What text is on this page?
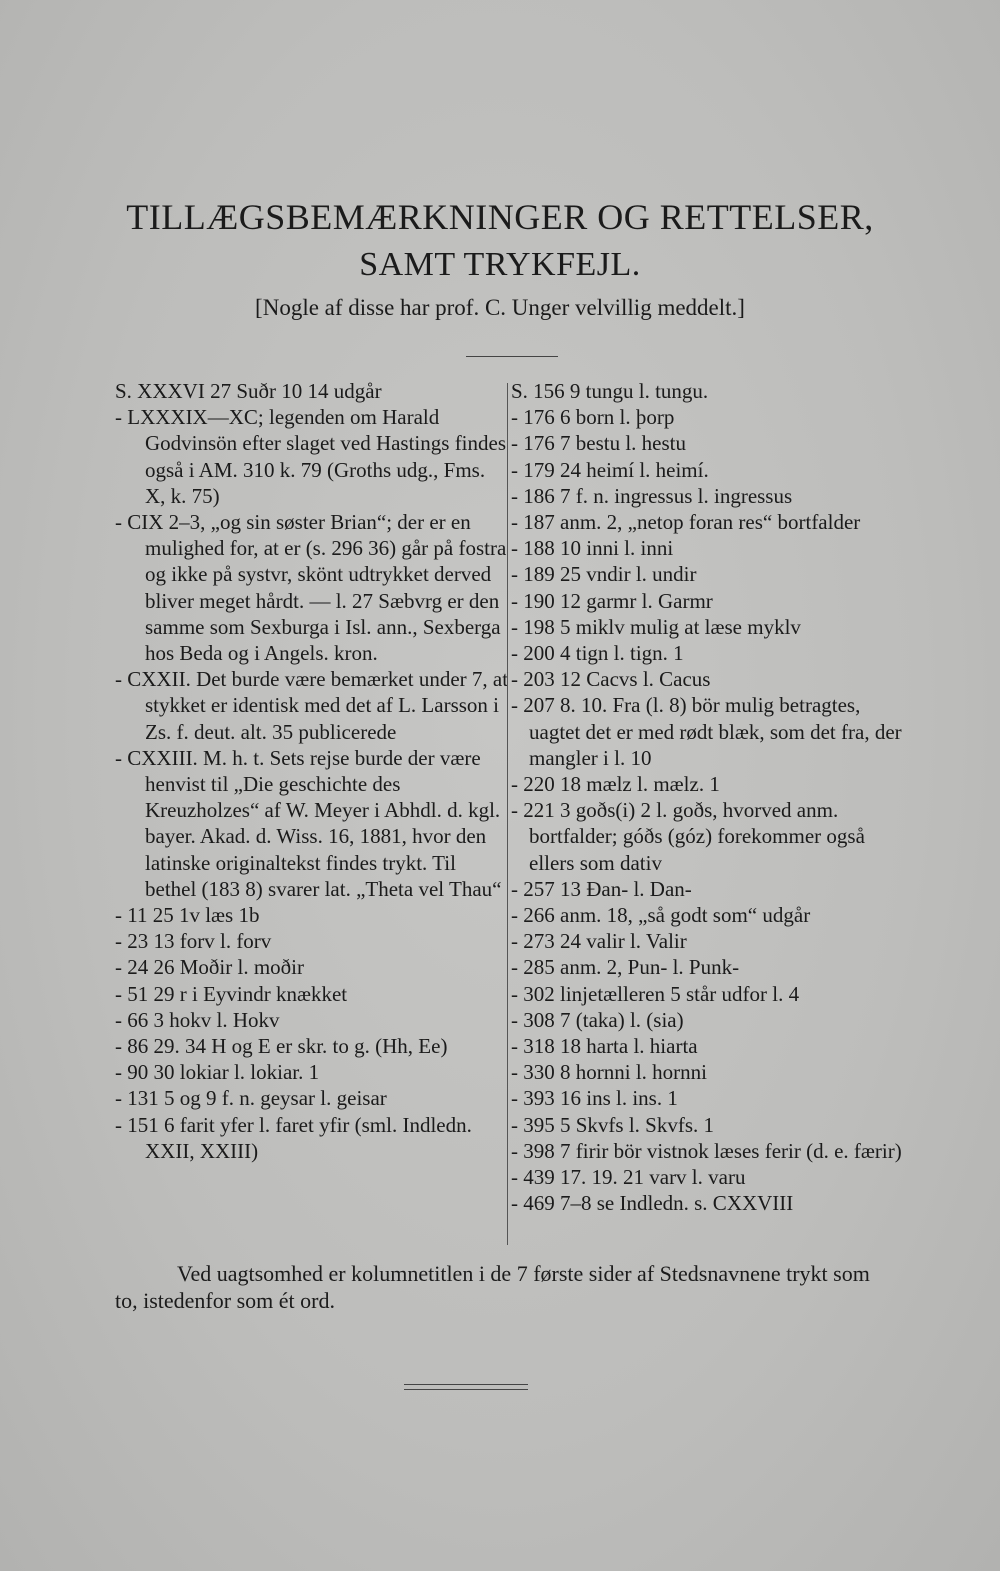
TILLÆGSBEMÆRKNINGER OG RETTELSER,
SAMT TRYKFEJL.
[Nogle af disse har prof. C. Unger velvillig meddelt.]
S. XXXVI 27 Suðr 10 14 udgår
- LXXXIX—XC; legenden om Harald Godvinsön efter slaget ved Hastings findes også i AM. 310 k. 79 (Groths udg., Fms. X, k. 75)
- CIX 2–3, „og sin søster Brian“; der er en mulighed for, at er (s. 296 36) går på fostra og ikke på systvr, skönt udtrykket derved bliver meget hårdt. — l. 27 Sæbvrg er den samme som Sexburga i Isl. ann., Sexberga hos Beda og i Angels. kron.
- CXXII. Det burde være bemærket under 7, at stykket er identisk med det af L. Larsson i Zs. f. deut. alt. 35 publicerede
- CXXIII. M. h. t. Sets rejse burde der være henvist til „Die geschichte des Kreuzholzes“ af W. Meyer i Abhdl. d. kgl. bayer. Akad. d. Wiss. 16, 1881, hvor den latinske originaltekst findes trykt. Til bethel (183 8) svarer lat. „Theta vel Thau“
- 11 25 1v læs 1b
- 23 13 forv l. forv
- 24 26 Moðir l. moðir
- 51 29 r i Eyvindr knækket
- 66 3 hokv l. Hokv
- 86 29. 34 H og E er skr. to g. (Hh, Ee)
- 90 30 lokiar l. lokiar. 1
- 131 5 og 9 f. n. geysar l. geisar
- 151 6 farit yfer l. faret yfir (sml. Indledn. XXII, XXIII)
S. 156 9 tungu l. tungu.
- 176 6 born l. þorp
- 176 7 bestu l. hestu
- 179 24 heimí l. heimí.
- 186 7 f. n. ingressus l. ingressus
- 187 anm. 2, „netop foran res“ bortfalder
- 188 10 inni l. inni
- 189 25 vndir l. undir
- 190 12 garmr l. Garmr
- 198 5 miklv mulig at læse myklv
- 200 4 tign l. tign. 1
- 203 12 Cacvs l. Cacus
- 207 8. 10. Fra (l. 8) bör mulig betragtes, uagtet det er med rødt blæk, som det fra, der mangler i l. 10
- 220 18 mælz l. mælz. 1
- 221 3 goðs(i) 2 l. goðs, hvorved anm. bortfalder; góðs (góz) forekommer også ellers som dativ
- 257 13 Ðan- l. Dan-
- 266 anm. 18, „så godt som“ udgår
- 273 24 valir l. Valir
- 285 anm. 2, Pun- l. Punk-
- 302 linjetælleren 5 står udfor l. 4
- 308 7 (taka) l. (sia)
- 318 18 harta l. hiarta
- 330 8 hornni l. hornni
- 393 16 ins l. ins. 1
- 395 5 Skvfs l. Skvfs. 1
- 398 7 firir bör vistnok læses ferir (d. e. færir)
- 439 17. 19. 21 varv l. varu
- 469 7–8 se Indledn. s. CXXVIII
Ved uagtsomhed er kolumnetitlen i de 7 første sider af Stedsnavnene trykt som to, istedenfor som ét ord.
